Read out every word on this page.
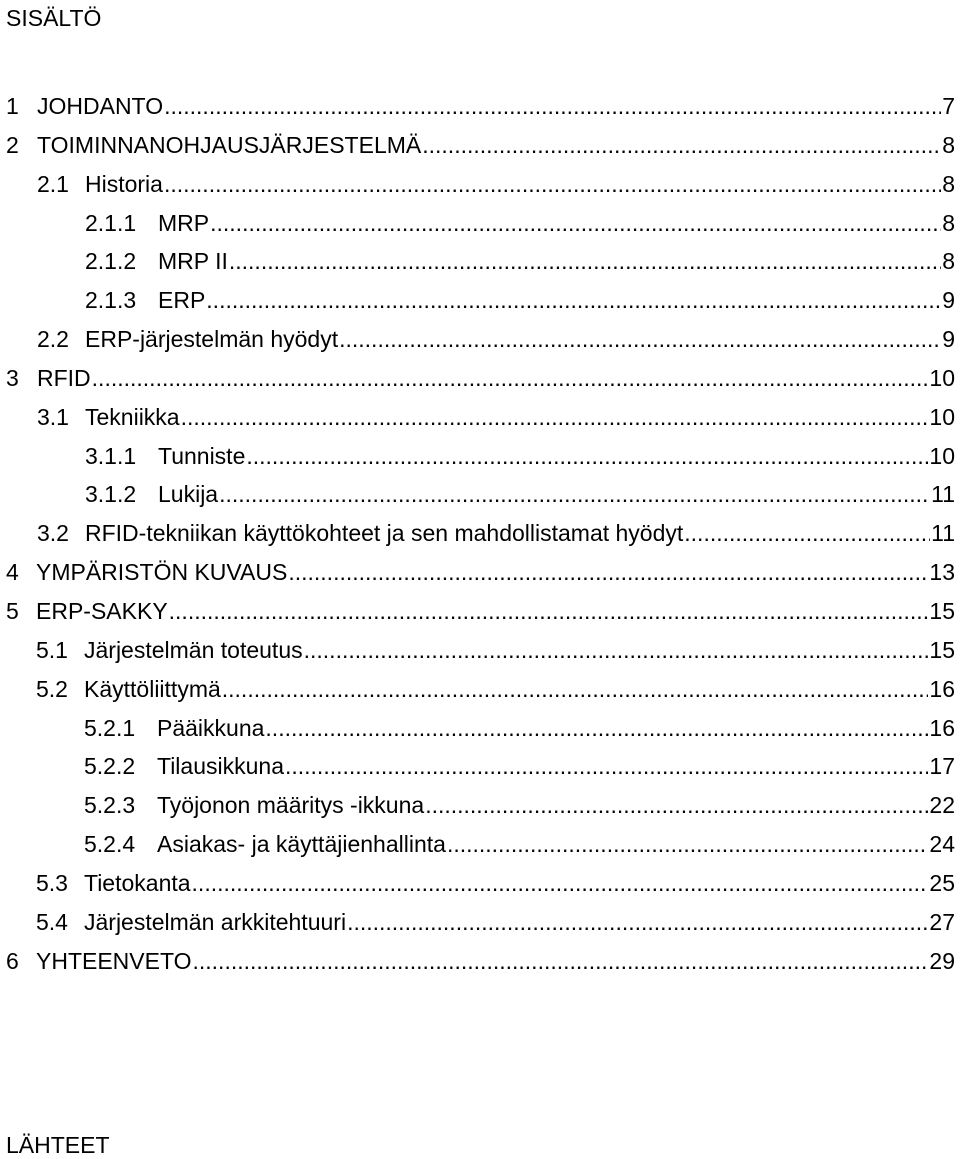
SISÄLTÖ
1 JOHDANTO .....	7
2 TOIMINNANOHJAUSJÄRJESTELMÄ .....	8
2.1 Historia .....	8
2.1.1 MRP .....	8
2.1.2 MRP II .....	8
2.1.3 ERP .....	9
2.2 ERP-järjestelmän hyödyt .....	9
3 RFID .....	10
3.1 Tekniikka .....	10
3.1.1 Tunniste .....	10
3.1.2 Lukija .....	11
3.2 RFID-tekniikan käyttökohteet ja sen mahdollistamat hyödyt .....	11
4 YMPÄRISTÖN KUVAUS .....	13
5 ERP-SAKKY .....	15
5.1 Järjestelmän toteutus .....	15
5.2 Käyttöliittymä .....	16
5.2.1 Pääikkuna .....	16
5.2.2 Tilausikkuna .....	17
5.2.3 Työjonon määritys -ikkuna .....	22
5.2.4 Asiakas- ja käyttäjienhallinta .....	24
5.3 Tietokanta .....	25
5.4 Järjestelmän arkkitehtuuri .....	27
6 YHTEENVETO .....	29
LÄHTEET
